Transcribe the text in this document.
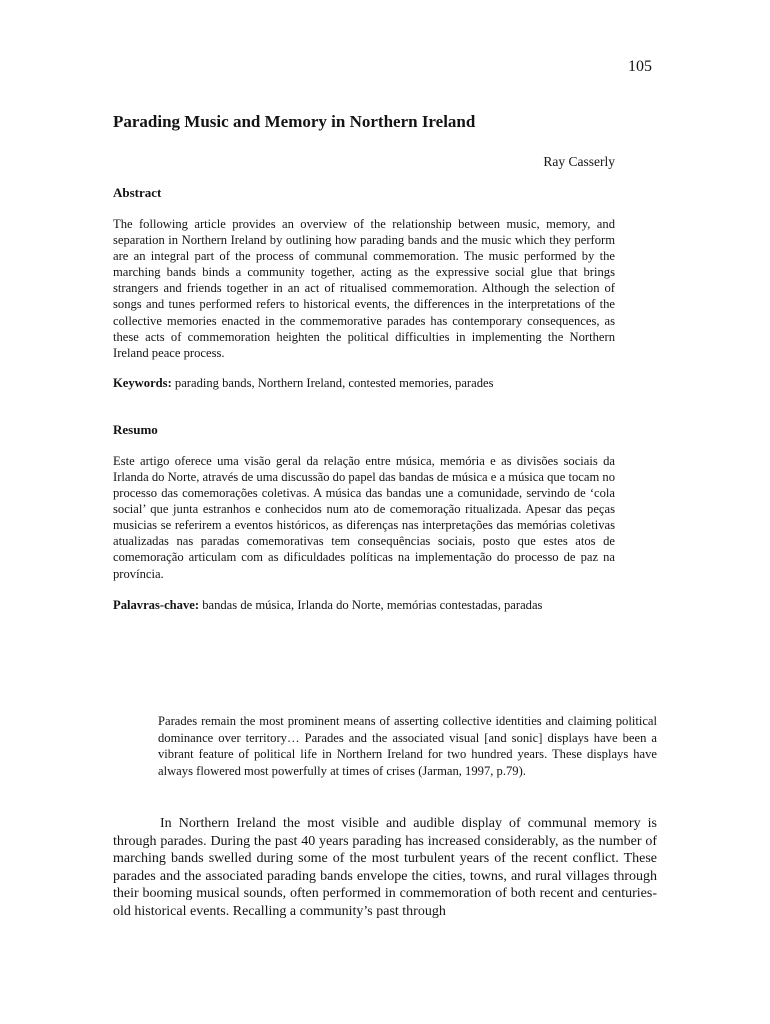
105
Parading Music and Memory in Northern Ireland
Ray Casserly
Abstract
The following article provides an overview of the relationship between music, memory, and separation in Northern Ireland by outlining how parading bands and the music which they perform are an integral part of the process of communal commemoration. The music performed by the marching bands binds a community together, acting as the expressive social glue that brings strangers and friends together in an act of ritualised commemoration. Although the selection of songs and tunes performed refers to historical events, the differences in the interpretations of the collective memories enacted in the commemorative parades has contemporary consequences, as these acts of commemoration heighten the political difficulties in implementing the Northern Ireland peace process.
Keywords: parading bands, Northern Ireland, contested memories, parades
Resumo
Este artigo oferece uma visão geral da relação entre música, memória e as divisões sociais da Irlanda do Norte, através de uma discussão do papel das bandas de música e a música que tocam no processo das comemorações coletivas. A música das bandas une a comunidade, servindo de ‘cola social’ que junta estranhos e conhecidos num ato de comemoração ritualizada. Apesar das peças musicias se referirem a eventos históricos, as diferenças nas interpretações das memórias coletivas atualizadas nas paradas comemorativas tem consequências sociais, posto que estes atos de comemoração articulam com as dificuldades políticas na implementação do processo de paz na província.
Palavras-chave: bandas de música, Irlanda do Norte, memórias contestadas, paradas
Parades remain the most prominent means of asserting collective identities and claiming political dominance over territory… Parades and the associated visual [and sonic] displays have been a vibrant feature of political life in Northern Ireland for two hundred years. These displays have always flowered most powerfully at times of crises (Jarman, 1997, p.79).
In Northern Ireland the most visible and audible display of communal memory is through parades. During the past 40 years parading has increased considerably, as the number of marching bands swelled during some of the most turbulent years of the recent conflict. These parades and the associated parading bands envelope the cities, towns, and rural villages through their booming musical sounds, often performed in commemoration of both recent and centuries-old historical events. Recalling a community’s past through
